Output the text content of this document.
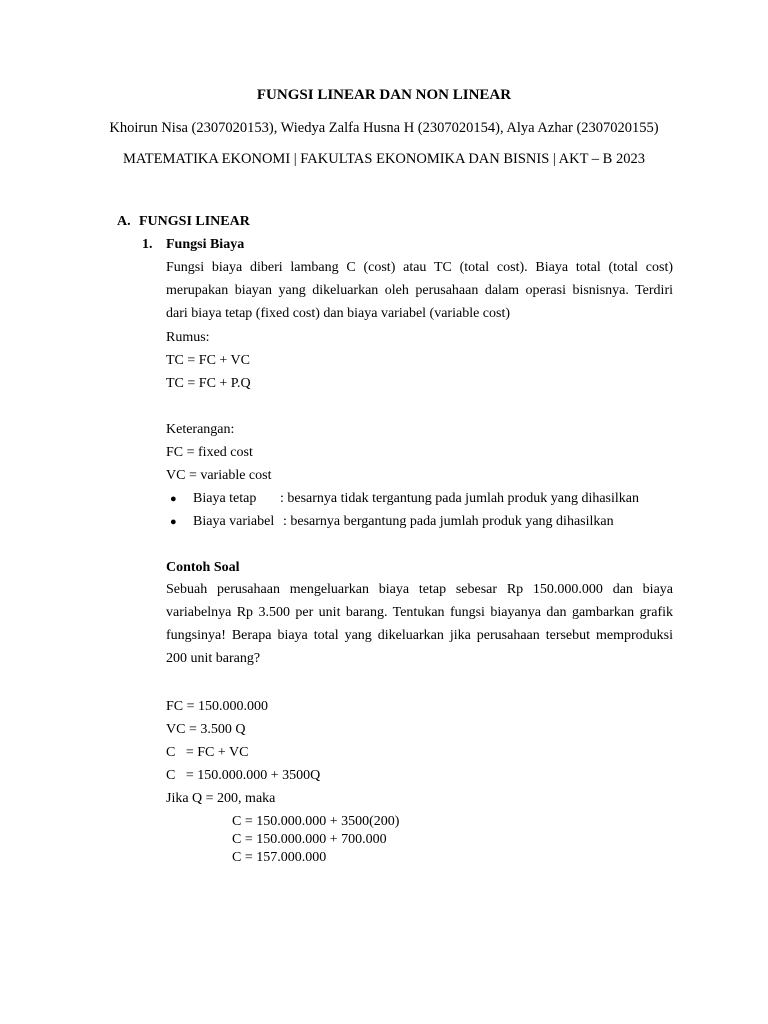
FUNGSI LINEAR DAN NON LINEAR
Khoirun Nisa (2307020153), Wiedya Zalfa Husna H (2307020154), Alya Azhar (2307020155)
MATEMATIKA EKONOMI | FAKULTAS EKONOMIKA DAN BISNIS | AKT – B 2023
A. FUNGSI LINEAR
1. Fungsi Biaya
Fungsi biaya diberi lambang C (cost) atau TC (total cost). Biaya total (total cost)
merupakan biayan yang dikeluarkan oleh perusahaan dalam operasi bisnisnya. Terdiri
dari biaya tetap (fixed cost) dan biaya variabel (variable cost)
Rumus:
TC = FC + VC
TC = FC + P.Q
Keterangan:
FC = fixed cost
VC = variable cost
● Biaya tetap : besarnya tidak tergantung pada jumlah produk yang dihasilkan
● Biaya variabel : besarnya bergantung pada jumlah produk yang dihasilkan
Contoh Soal
Sebuah perusahaan mengeluarkan biaya tetap sebesar Rp 150.000.000 dan biaya
variabelnya Rp 3.500 per unit barang. Tentukan fungsi biayanya dan gambarkan grafik
fungsinya! Berapa biaya total yang dikeluarkan jika perusahaan tersebut memproduksi
200 unit barang?
FC = 150.000.000
VC = 3.500 Q
C   = FC + VC
C   = 150.000.000 + 3500Q
Jika Q = 200, maka
C = 150.000.000 + 3500(200)
C = 150.000.000 + 700.000
C = 157.000.000
